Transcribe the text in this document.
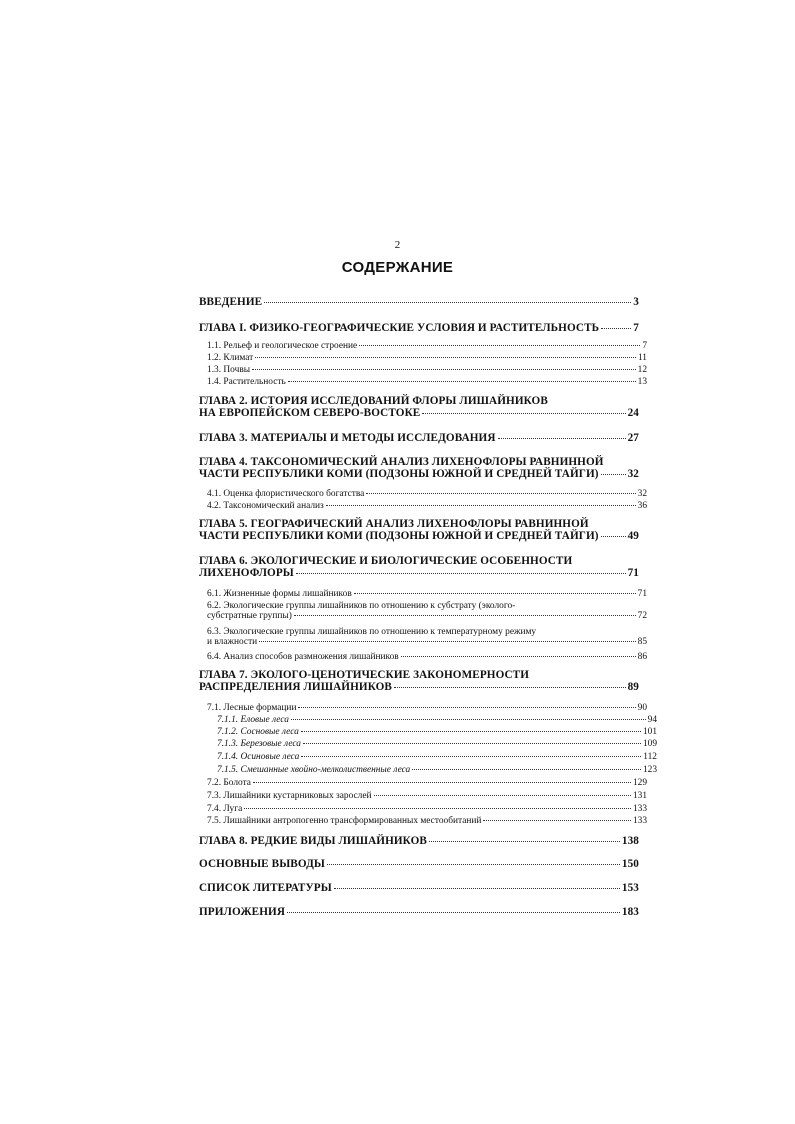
2
СОДЕРЖАНИЕ
ВВЕДЕНИЕ	3
ГЛАВА I. ФИЗИКО-ГЕОГРАФИЧЕСКИЕ УСЛОВИЯ И РАСТИТЕЛЬНОСТЬ	7
1.1. Рельеф и геологическое строение	7
1.2. Климат	11
1.3. Почвы	12
1.4. Растительность	13
ГЛАВА 2. ИСТОРИЯ ИССЛЕДОВАНИЙ ФЛОРЫ ЛИШАЙНИКОВ
НА ЕВРОПЕЙСКОМ СЕВЕРО-ВОСТОКЕ	24
ГЛАВА 3. МАТЕРИАЛЫ И МЕТОДЫ ИССЛЕДОВАНИЯ	27
ГЛАВА 4. ТАКСОНОМИЧЕСКИЙ АНАЛИЗ ЛИХЕНОФЛОРЫ РАВНИННОЙ
ЧАСТИ РЕСПУБЛИКИ КОМИ (ПОДЗОНЫ ЮЖНОЙ И СРЕДНЕЙ ТАЙГИ)	32
4.1. Оценка флористического богатства	32
4.2. Таксономический анализ	36
ГЛАВА 5. ГЕОГРАФИЧЕСКИЙ АНАЛИЗ ЛИХЕНОФЛОРЫ РАВНИННОЙ
ЧАСТИ РЕСПУБЛИКИ КОМИ (ПОДЗОНЫ ЮЖНОЙ И СРЕДНЕЙ ТАЙГИ)	49
ГЛАВА 6. ЭКОЛОГИЧЕСКИЕ И БИОЛОГИЧЕСКИЕ ОСОБЕННОСТИ
ЛИХЕНОФЛОРЫ	71
6.1. Жизненные формы лишайников	71
6.2. Экологические группы лишайников по отношению к субстрату (эколого-
субстратные группы)	72
6.3. Экологические группы лишайников по отношению к температурному режиму
и влажности	85
6.4. Анализ способов размножения лишайников	86
ГЛАВА 7. ЭКОЛОГО-ЦЕНОТИЧЕСКИЕ ЗАКОНОМЕРНОСТИ
РАСПРЕДЕЛЕНИЯ ЛИШАЙНИКОВ	89
7.1. Лесные формации	90
7.1.1. Еловые леса	94
7.1.2. Сосновые леса	101
7.1.3. Березовые леса	109
7.1.4. Осиновые леса	112
7.1.5. Смешанные хвойно-мелколиственные леса	123
7.2. Болота	129
7.3. Лишайники кустарниковых зарослей	131
7.4. Луга	133
7.5. Лишайники антропогенно трансформированных местообитаний	133
ГЛАВА 8. РЕДКИЕ ВИДЫ ЛИШАЙНИКОВ	138
ОСНОВНЫЕ ВЫВОДЫ	150
СПИСОК ЛИТЕРАТУРЫ	153
ПРИЛОЖЕНИЯ	183
